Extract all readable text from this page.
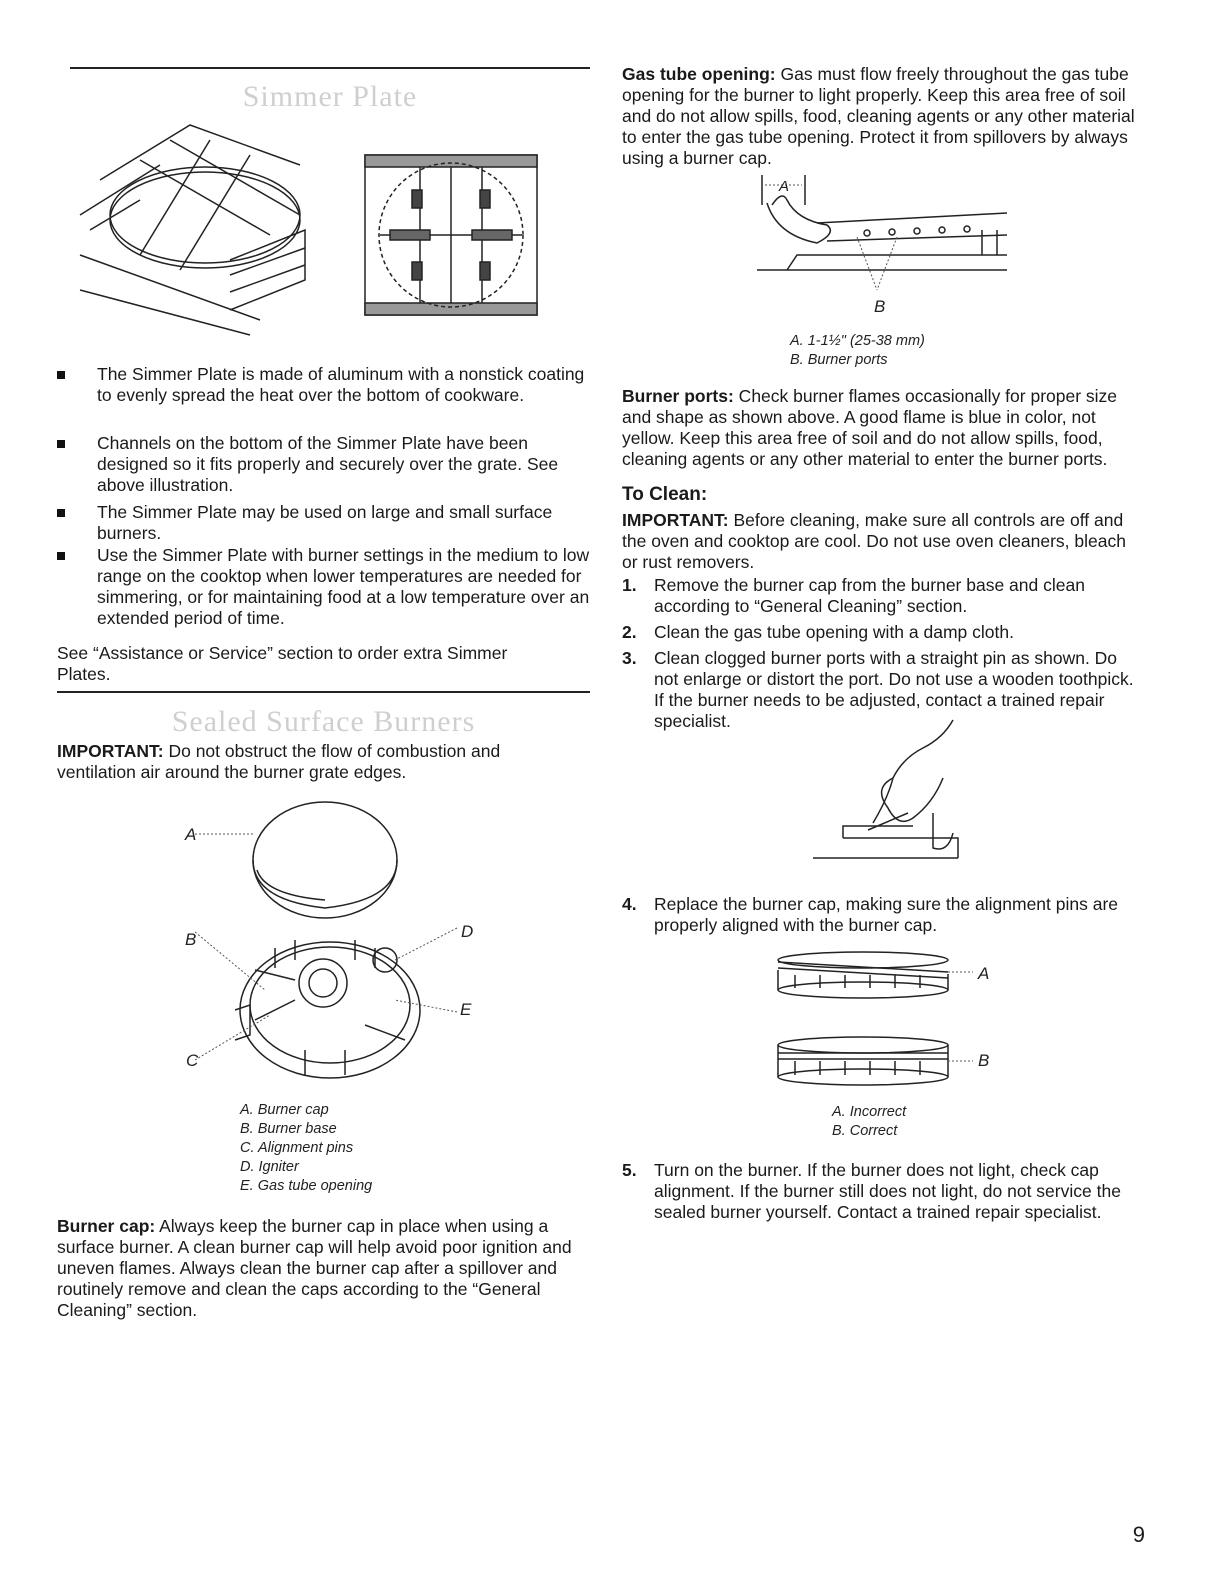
Simmer Plate
The Simmer Plate is made of aluminum with a nonstick coating to evenly spread the heat over the bottom of cookware.
Channels on the bottom of the Simmer Plate have been designed so it fits properly and securely over the grate. See above illustration.
The Simmer Plate may be used on large and small surface burners.
Use the Simmer Plate with burner settings in the medium to low range on the cooktop when lower temperatures are needed for simmering, or for maintaining food at a low temperature over an extended period of time.
See “Assistance or Service” section to order extra Simmer Plates.
Sealed Surface Burners
IMPORTANT: Do not obstruct the flow of combustion and ventilation air around the burner grate edges.
A
B
C
D
E
A. Burner cap
B. Burner base
C. Alignment pins
D. Igniter
E. Gas tube opening
Burner cap: Always keep the burner cap in place when using a surface burner. A clean burner cap will help avoid poor ignition and uneven flames. Always clean the burner cap after a spillover and routinely remove and clean the caps according to the “General Cleaning” section.
Gas tube opening: Gas must flow freely throughout the gas tube opening for the burner to light properly. Keep this area free of soil and do not allow spills, food, cleaning agents or any other material to enter the gas tube opening. Protect it from spillovers by always using a burner cap.
A
B
A. 1-1½" (25-38 mm)
B. Burner ports
Burner ports: Check burner flames occasionally for proper size and shape as shown above. A good flame is blue in color, not yellow. Keep this area free of soil and do not allow spills, food, cleaning agents or any other material to enter the burner ports.
To Clean:
IMPORTANT: Before cleaning, make sure all controls are off and the oven and cooktop are cool. Do not use oven cleaners, bleach or rust removers.
1. Remove the burner cap from the burner base and clean according to “General Cleaning” section.
2. Clean the gas tube opening with a damp cloth.
3. Clean clogged burner ports with a straight pin as shown. Do not enlarge or distort the port. Do not use a wooden toothpick. If the burner needs to be adjusted, contact a trained repair specialist.
4. Replace the burner cap, making sure the alignment pins are properly aligned with the burner cap.
A
B
A. Incorrect
B. Correct
5. Turn on the burner. If the burner does not light, check cap alignment. If the burner still does not light, do not service the sealed burner yourself. Contact a trained repair specialist.
9
